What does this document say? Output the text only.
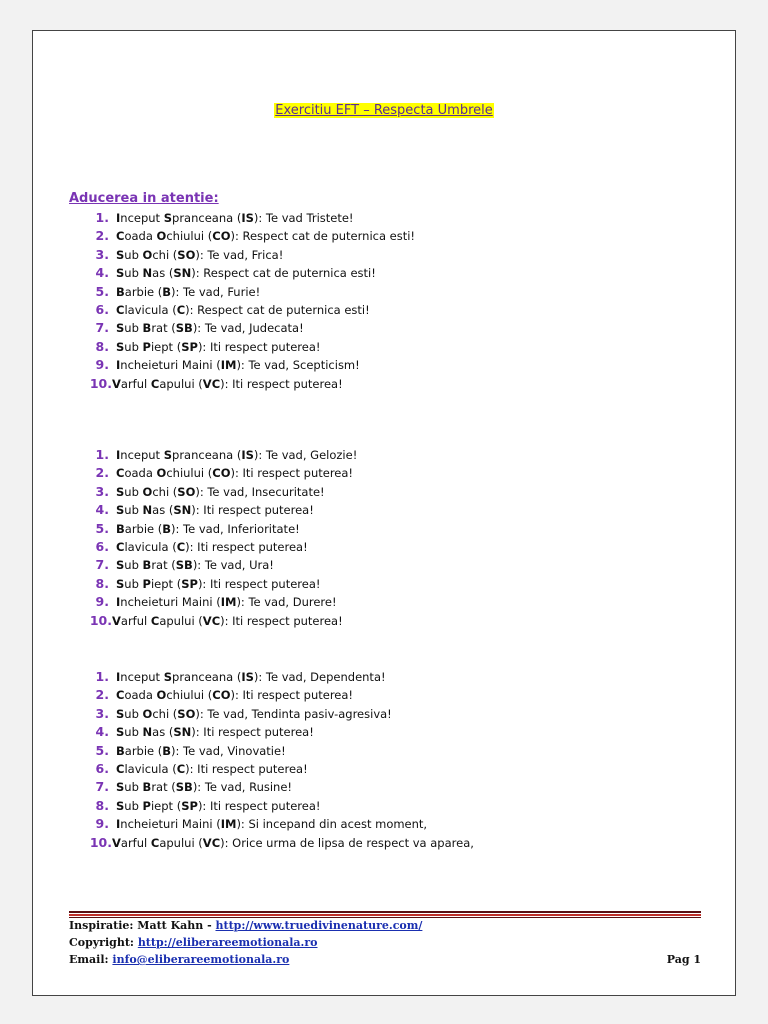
Exercitiu EFT – Respecta Umbrele

Aducerea in atentie:

1. Inceput Spranceana (IS): Te vad Tristete!
2. Coada Ochiului (CO): Respect cat de puternica esti!
3. Sub Ochi (SO): Te vad, Frica!
4. Sub Nas (SN): Respect cat de puternica esti!
5. Barbie (B): Te vad, Furie!
6. Clavicula (C): Respect cat de puternica esti!
7. Sub Brat (SB): Te vad, Judecata!
8. Sub Piept (SP): Iti respect puterea!
9. Incheieturi Maini (IM): Te vad, Scepticism!
10. Varful Capului (VC): Iti respect puterea!
1. Inceput Spranceana (IS): Te vad, Gelozie!
2. Coada Ochiului (CO): Iti respect puterea!
3. Sub Ochi (SO): Te vad, Insecuritate!
4. Sub Nas (SN): Iti respect puterea!
5. Barbie (B): Te vad, Inferioritate!
6. Clavicula (C): Iti respect puterea!
7. Sub Brat (SB): Te vad, Ura!
8. Sub Piept (SP): Iti respect puterea!
9. Incheieturi Maini (IM): Te vad, Durere!
10. Varful Capului (VC): Iti respect puterea!
1. Inceput Spranceana (IS): Te vad, Dependenta!
2. Coada Ochiului (CO): Iti respect puterea!
3. Sub Ochi (SO): Te vad, Tendinta pasiv-agresiva!
4. Sub Nas (SN): Iti respect puterea!
5. Barbie (B): Te vad, Vinovatie!
6. Clavicula (C): Iti respect puterea!
7. Sub Brat (SB): Te vad, Rusine!
8. Sub Piept (SP): Iti respect puterea!
9. Incheieturi Maini (IM): Si incepand din acest moment,
10. Varful Capului (VC): Orice urma de lipsa de respect va aparea,
Inspiratie: Matt Kahn - http://www.truedivinenature.com/
Copyright: http://eliberareemotionala.ro
Email: info@eliberareemotionala.ro	Pag 1
